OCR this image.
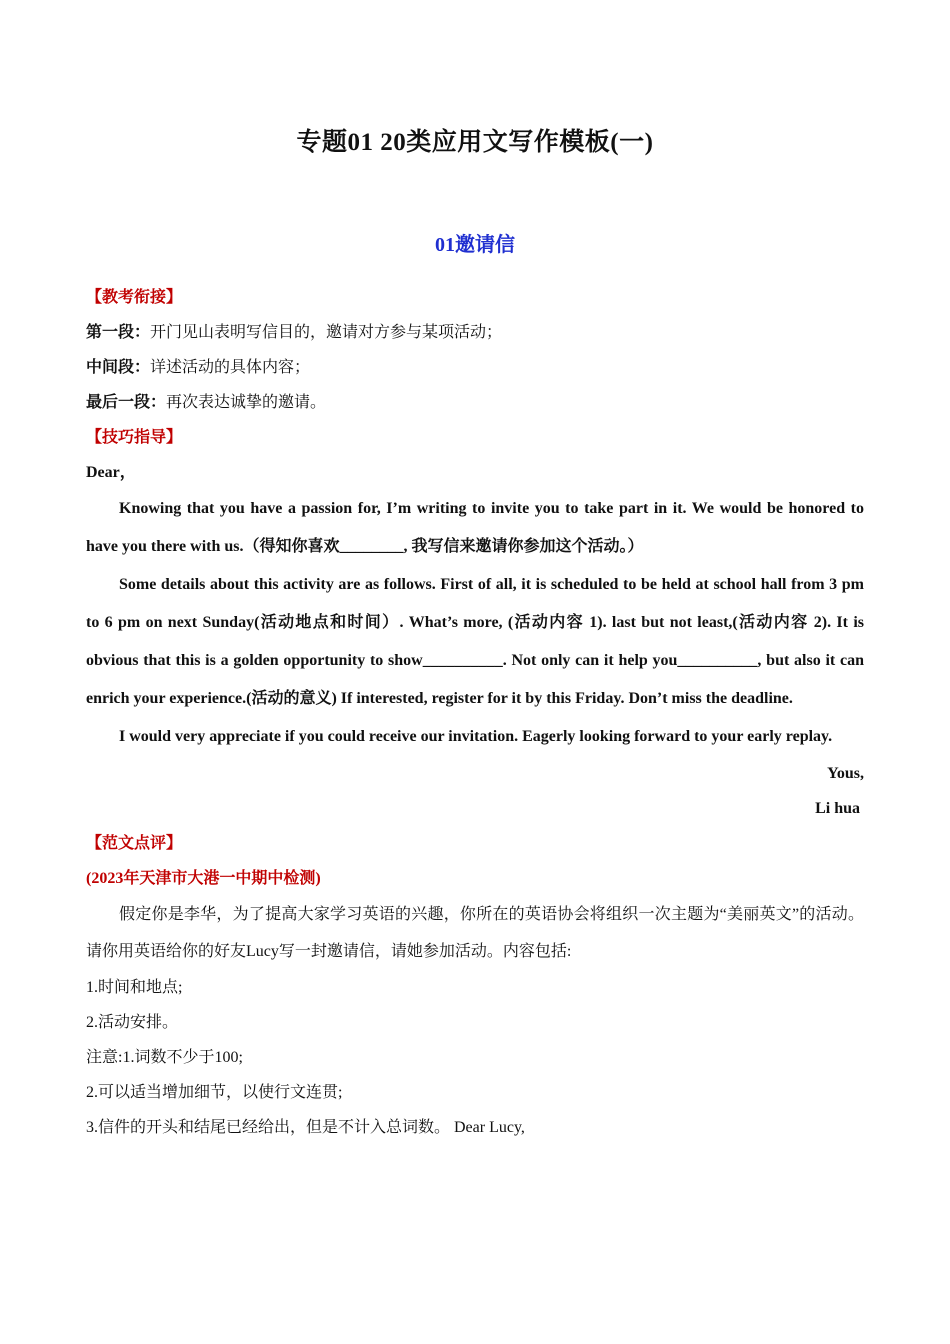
专题01 20类应用文写作模板(一)
01邀请信
【教考衔接】
第一段：开门见山表明写信目的，邀请对方参与某项活动；
中间段：详述活动的具体内容；
最后一段：再次表达诚挚的邀请。
【技巧指导】
Dear，

Knowing that you have a passion for, I’m writing to invite you to take part in it. We would be honored to have you there with us.（得知你喜欢________, 我写信来邀请你参加这个活动。）

Some details about this activity are as follows. First of all, it is scheduled to be held at school hall from 3 pm to 6 pm on next Sunday(活动地点和时间）. What’s more, (活动内容 1). last but not least,(活动内容 2). It is obvious that this is a golden opportunity to show__________. Not only can it help you__________, but also it can enrich your experience.(活动的意义) If interested, register for it by this Friday. Don’t miss the deadline.

I would very appreciate if you could receive our invitation. Eagerly looking forward to your early replay.

Yous,
Li hua
【范文点评】
(2023年天津市大港一中期中检测)

假定你是李华，为了提高大家学习英语的兴趣，你所在的英语协会将组织一次主题为“美丽英文”的活动。请你用英语给你的好友Lucy写一封邀请信，请她参加活动。内容包括:

1.时间和地点;
2.活动安排。
注意:1.词数不少于100;
2.可以适当增加细节，以使行文连贯;
3.信件的开头和结尾已经给出，但是不计入总词数。 Dear Lucy,
